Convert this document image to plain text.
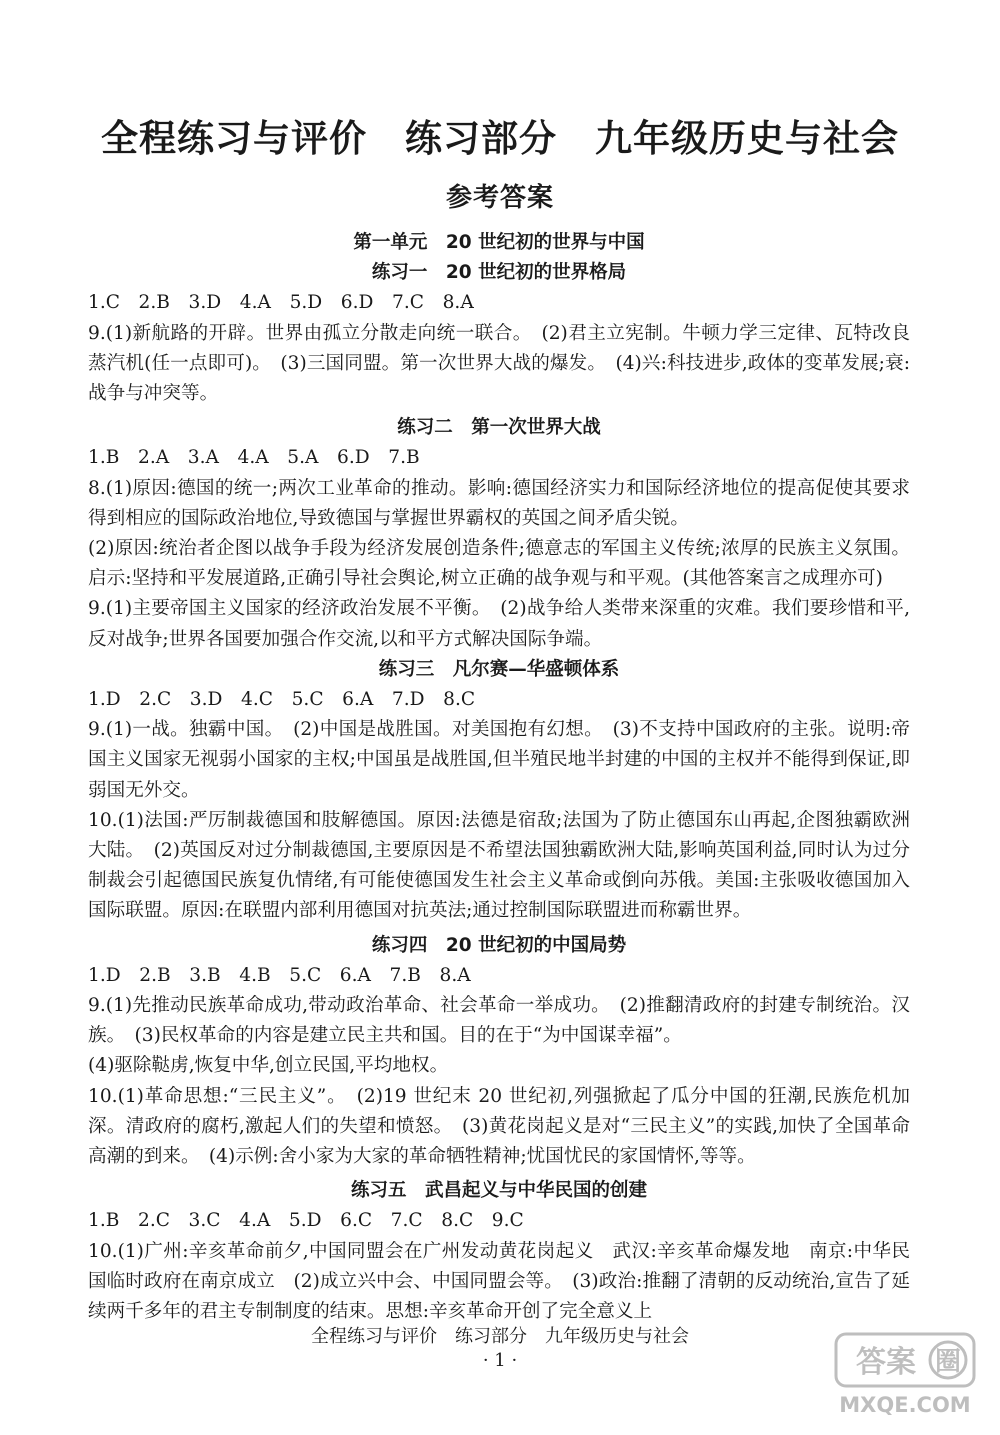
全程练习与评价　练习部分　九年级历史与社会
参考答案
第一单元　20 世纪初的世界与中国
练习一　20 世纪初的世界格局
1.C　2.B　3.D　4.A　5.D　6.D　7.C　8.A
9.(1)新航路的开辟。世界由孤立分散走向统一联合。　(2)君主立宪制。牛顿力学三定律、瓦特改良蒸汽机(任一点即可)。　(3)三国同盟。第一次世界大战的爆发。　(4)兴:科技进步,政体的变革发展;衰:战争与冲突等。
练习二　第一次世界大战
1.B　2.A　3.A　4.A　5.A　6.D　7.B
8.(1)原因:德国的统一;两次工业革命的推动。影响:德国经济实力和国际经济地位的提高促使其要求得到相应的国际政治地位,导致德国与掌握世界霸权的英国之间矛盾尖锐。
(2)原因:统治者企图以战争手段为经济发展创造条件;德意志的军国主义传统;浓厚的民族主义氛围。启示:坚持和平发展道路,正确引导社会舆论,树立正确的战争观与和平观。(其他答案言之成理亦可)
9.(1)主要帝国主义国家的经济政治发展不平衡。　(2)战争给人类带来深重的灾难。我们要珍惜和平,反对战争;世界各国要加强合作交流,以和平方式解决国际争端。
练习三　凡尔赛—华盛顿体系
1.D　2.C　3.D　4.C　5.C　6.A　7.D　8.C
9.(1)一战。独霸中国。　(2)中国是战胜国。对美国抱有幻想。　(3)不支持中国政府的主张。说明:帝国主义国家无视弱小国家的主权;中国虽是战胜国,但半殖民地半封建的中国的主权并不能得到保证,即弱国无外交。
10.(1)法国:严厉制裁德国和肢解德国。原因:法德是宿敌;法国为了防止德国东山再起,企图独霸欧洲大陆。　(2)英国反对过分制裁德国,主要原因是不希望法国独霸欧洲大陆,影响英国利益,同时认为过分制裁会引起德国民族复仇情绪,有可能使德国发生社会主义革命或倒向苏俄。美国:主张吸收德国加入国际联盟。原因:在联盟内部利用德国对抗英法;通过控制国际联盟进而称霸世界。
练习四　20 世纪初的中国局势
1.D　2.B　3.B　4.B　5.C　6.A　7.B　8.A
9.(1)先推动民族革命成功,带动政治革命、社会革命一举成功。　(2)推翻清政府的封建专制统治。汉族。　(3)民权革命的内容是建立民主共和国。目的在于“为中国谋幸福”。
(4)驱除鞑虏,恢复中华,创立民国,平均地权。
10.(1)革命思想:“三民主义”。　(2)19 世纪末 20 世纪初,列强掀起了瓜分中国的狂潮,民族危机加深。清政府的腐朽,激起人们的失望和愤怒。　(3)黄花岗起义是对“三民主义”的实践,加快了全国革命高潮的到来。　(4)示例:舍小家为大家的革命牺牲精神;忧国忧民的家国情怀,等等。
练习五　武昌起义与中华民国的创建
1.B　2.C　3.C　4.A　5.D　6.C　7.C　8.C　9.C
10.(1)广州:辛亥革命前夕,中国同盟会在广州发动黄花岗起义　武汉:辛亥革命爆发地　南京:中华民国临时政府在南京成立　(2)成立兴中会、中国同盟会等。　(3)政治:推翻了清朝的反动统治,宣告了延续两千多年的君主专制制度的结束。思想:辛亥革命开创了完全意义上
全程练习与评价　练习部分　九年级历史与社会
· 1 ·	答案 圈
MXQE.COM
